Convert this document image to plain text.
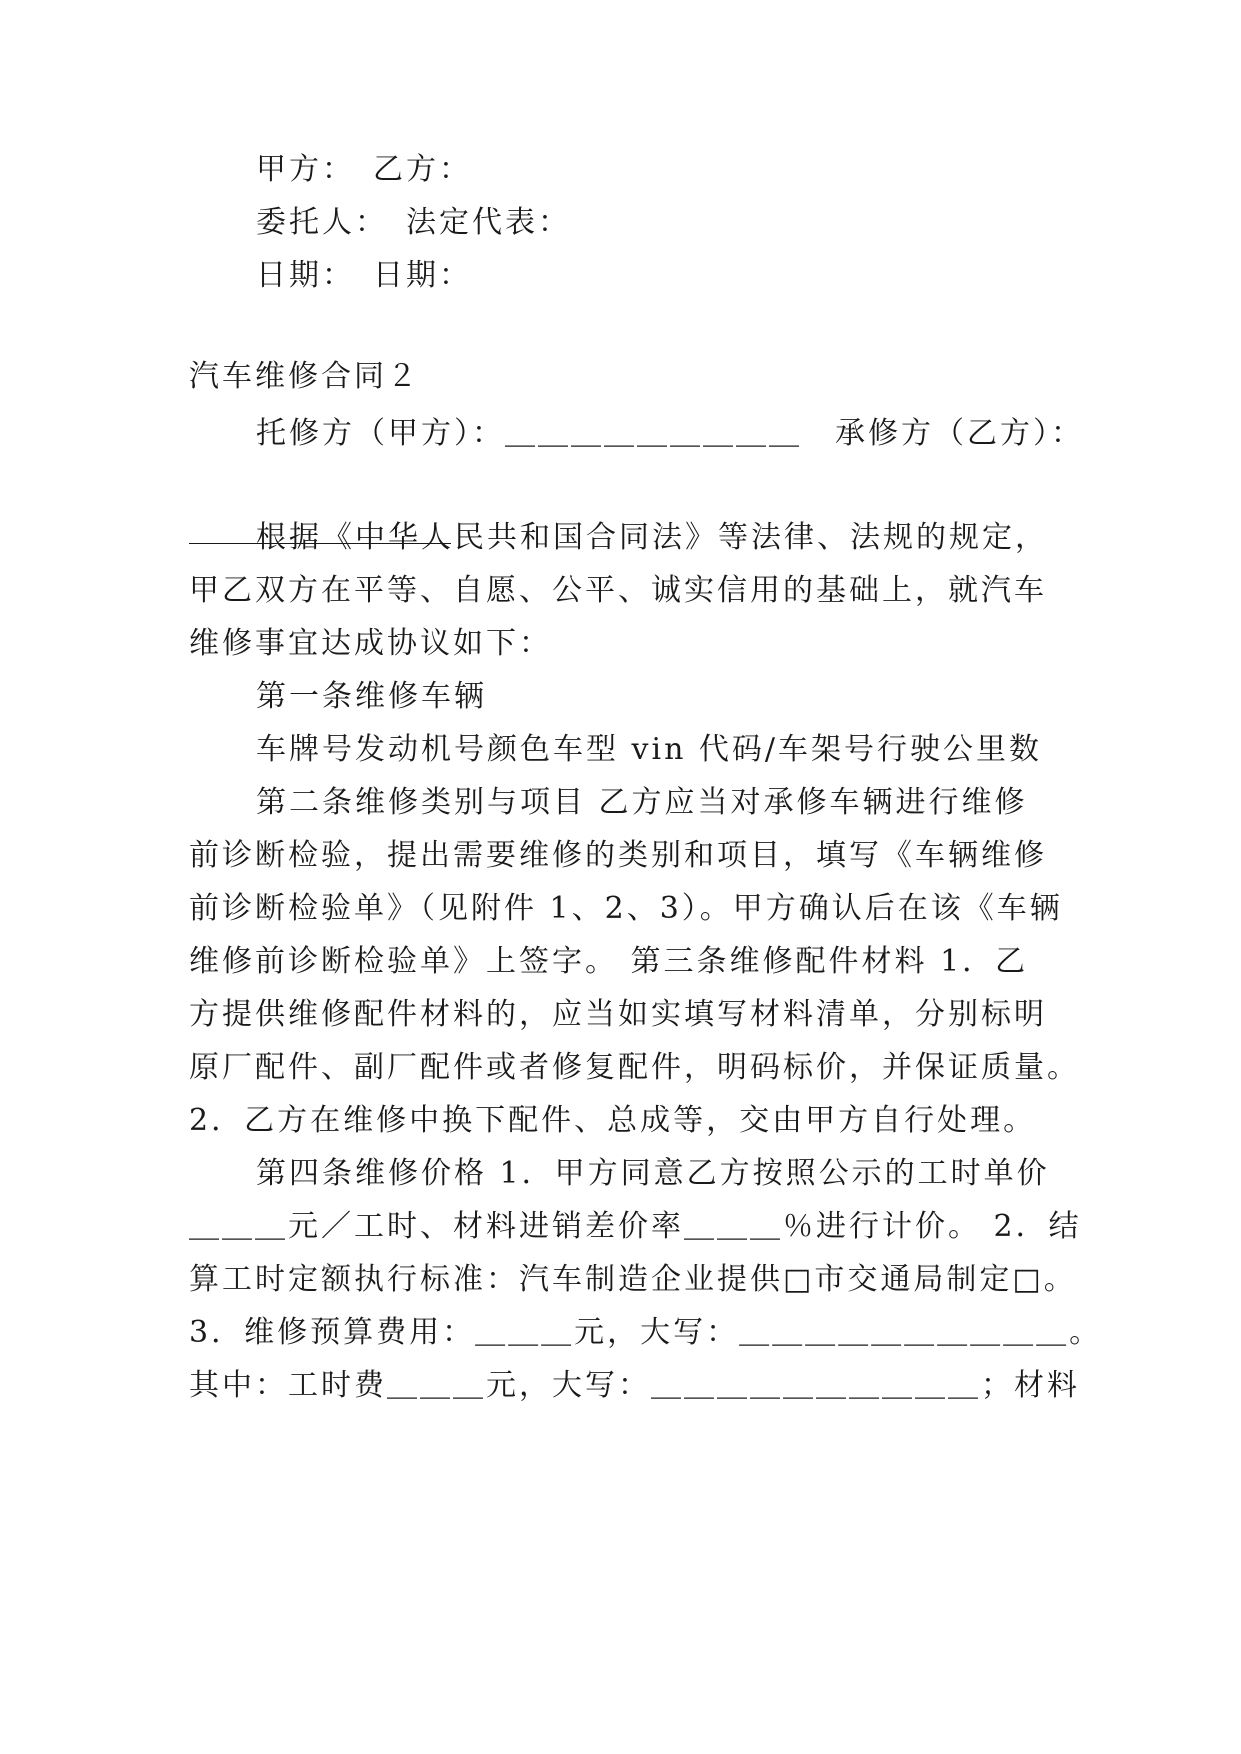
甲方：　乙方：
委托人：　法定代表：
日期：　日期：
汽车维修合同２
托修方（甲方）：＿＿＿＿＿＿＿＿＿　承修方（乙方）：
根据《中华人民共和国合同法》等法律、法规的规定，
甲乙双方在平等、自愿、公平、诚实信用的基础上，就汽车
维修事宜达成协议如下：
第一条维修车辆
车牌号发动机号颜色车型 vin 代码/车架号行驶公里数
第二条维修类别与项目 乙方应当对承修车辆进行维修
前诊断检验，提出需要维修的类别和项目，填写《车辆维修
前诊断检验单》（见附件 1、2、3）。甲方确认后在该《车辆
维修前诊断检验单》上签字。 第三条维修配件材料 1．乙
方提供维修配件材料的，应当如实填写材料清单，分别标明
原厂配件、副厂配件或者修复配件，明码标价，并保证质量。
2．乙方在维修中换下配件、总成等，交由甲方自行处理。
第四条维修价格 1．甲方同意乙方按照公示的工时单价
＿＿＿元／工时、材料进销差价率＿＿＿％进行计价。 2．结
算工时定额执行标准：汽车制造企业提供□市交通局制定□。
3．维修预算费用：＿＿＿元，大写：＿＿＿＿＿＿＿＿＿＿。
其中：工时费＿＿＿元，大写：＿＿＿＿＿＿＿＿＿＿；材料
